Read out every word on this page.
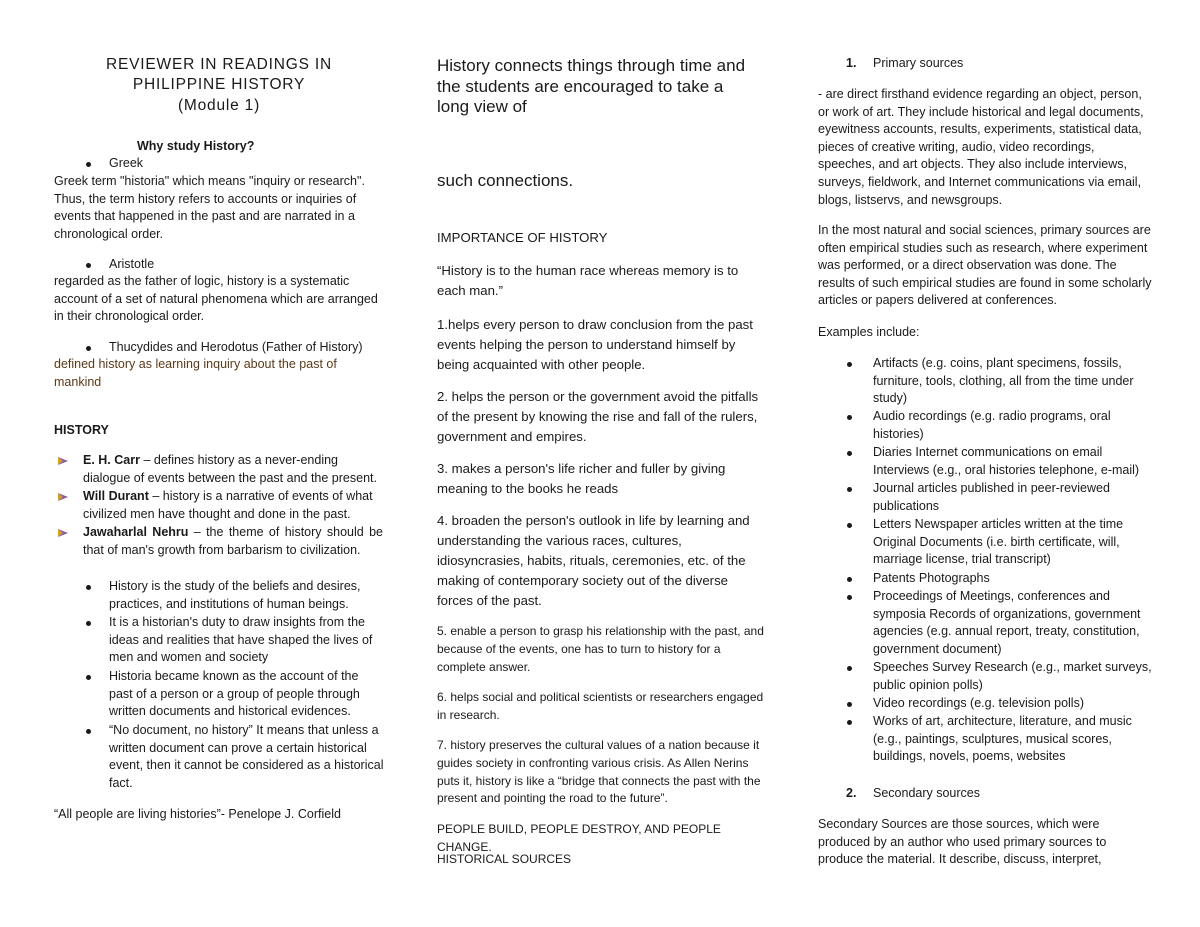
REVIEWER IN READINGS IN
PHILIPPINE HISTORY
(Module 1)
Why study History?
Greek
Greek term "historia" which means "inquiry or research". Thus, the term history refers to accounts or inquiries of events that happened in the past and are narrated in a chronological order.
Aristotle
regarded as the father of logic, history is a systematic account of a set of natural phenomena which are arranged in their chronological order.
Thucydides and Herodotus (Father of History)
defined history as learning inquiry about the past of mankind
HISTORY
E. H. Carr – defines history as a never-ending dialogue of events between the past and the present.
Will Durant – history is a narrative of events of what civilized men have thought and done in the past.
Jawaharlal Nehru – the theme of history should be that of man's growth from barbarism to civilization.
History is the study of the beliefs and desires, practices, and institutions of human beings.
It is a historian's duty to draw insights from the ideas and realities that have shaped the lives of men and women and society
Historia became known as the account of the past of a person or a group of people through written documents and historical evidences.
“No document, no history” It means that unless a written document can prove a certain historical event, then it cannot be considered as a historical fact.
“All people are living histories”- Penelope J. Corfield
History connects things through time and the students are encouraged to take a long view of
such connections.
IMPORTANCE OF HISTORY
“History is to the human race whereas memory is to each man.”
1.helps every person to draw conclusion from the past events helping the person to understand himself by being acquainted with other people.
2. helps the person or the government avoid the pitfalls of the present by knowing the rise and fall of the rulers, government and empires.
3. makes a person's life richer and fuller by giving meaning to the books he reads
4. broaden the person's outlook in life by learning and understanding the various races, cultures, idiosyncrasies, habits, rituals, ceremonies, etc. of the making of contemporary society out of the diverse forces of the past.
5. enable a person to grasp his relationship with the past, and because of the events, one has to turn to history for a complete answer.
6. helps social and political scientists or researchers engaged in research.
7. history preserves the cultural values of a nation because it guides society in confronting various crisis. As Allen Nerins puts it, history is like a “bridge that connects the past with the present and pointing the road to the future”.
PEOPLE BUILD, PEOPLE DESTROY, AND PEOPLE CHANGE.
HISTORICAL SOURCES
1. Primary sources
- are direct firsthand evidence regarding an object, person, or work of art. They include historical and legal documents, eyewitness accounts, results, experiments, statistical data, pieces of creative writing, audio, video recordings, speeches, and art objects. They also include interviews, surveys, fieldwork, and Internet communications via email, blogs, listservs, and newsgroups.
In the most natural and social sciences, primary sources are often empirical studies such as research, where experiment was performed, or a direct observation was done. The results of such empirical studies are found in some scholarly articles or papers delivered at conferences.
Examples include:
Artifacts (e.g. coins, plant specimens, fossils, furniture, tools, clothing, all from the time under study)
Audio recordings (e.g. radio programs, oral histories)
Diaries Internet communications on email Interviews (e.g., oral histories telephone, e-mail)
Journal articles published in peer-reviewed publications
Letters Newspaper articles written at the time Original Documents (i.e. birth certificate, will, marriage license, trial transcript)
Patents Photographs
Proceedings of Meetings, conferences and symposia Records of organizations, government agencies (e.g. annual report, treaty, constitution, government document)
Speeches Survey Research (e.g., market surveys, public opinion polls)
Video recordings (e.g. television polls)
Works of art, architecture, literature, and music (e.g., paintings, sculptures, musical scores, buildings, novels, poems, websites
2. Secondary sources
Secondary Sources are those sources, which were produced by an author who used primary sources to produce the material. It describe, discuss, interpret,
